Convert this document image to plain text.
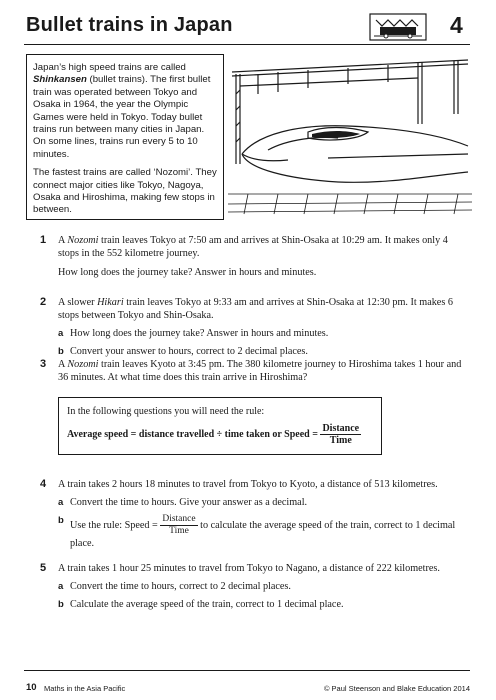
Bullet trains in Japan	4

Japan’s high speed trains are called Shinkansen (bullet trains). The first bullet train was operated between Tokyo and Osaka in 1964, the year the Olympic Games were held in Tokyo. Today bullet trains run between many cities in Japan. On some lines, trains run every 5 to 10 minutes.

The fastest trains are called ‘Nozomi’. They connect major cities like Tokyo, Nagoya, Osaka and Hiroshima, making few stops in between.

1 A Nozomi train leaves Tokyo at 7:50 am and arrives at Shin-Osaka at 10:29 am. It makes only 4 stops in the 552 kilometre journey.

How long does the journey take? Answer in hours and minutes.

2 A slower Hikari train leaves Tokyo at 9:33 am and arrives at Shin-Osaka at 12:30 pm. It makes 6 stops between Tokyo and Shin-Osaka.

a How long does the journey take? Answer in hours and minutes.
b Convert your answer to hours, correct to 2 decimal places.
3 A Nozomi train leaves Kyoto at 3:45 pm. The 380 kilometre journey to Hiroshima takes 1 hour and 36 minutes. At what time does this train arrive in Hiroshima?

In the following questions you will need the rule:
Average speed = distance travelled ÷ time taken or Speed = $\frac{\text{Distance}}{\text{Time}}$
4 A train takes 2 hours 18 minutes to travel from Tokyo to Kyoto, a distance of 513 kilometres.

a Convert the time to hours. Give your answer as a decimal.
b Use the rule: Speed = $\frac{\text{Distance}}{\text{Time}}$ to calculate the average speed of the train, correct to 1 decimal place.
5 A train takes 1 hour 25 minutes to travel from Tokyo to Nagano, a distance of 222 kilometres.

a Convert the time to hours, correct to 2 decimal places.
b Calculate the average speed of the train, correct to 1 decimal place.
10 Maths in the Asia Pacific	© Paul Steenson and Blake Education 2014
